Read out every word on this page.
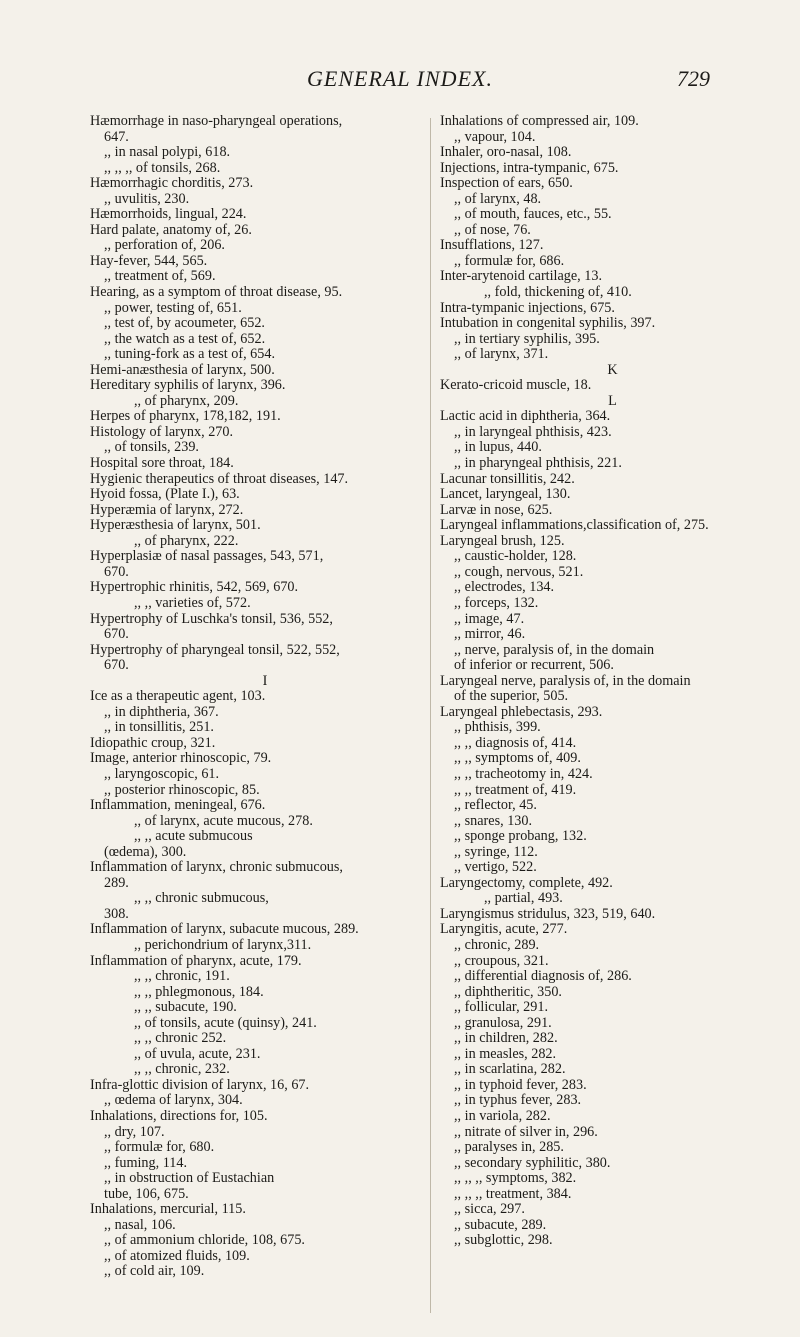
GENERAL INDEX.	729
Hæmorrhage in naso-pharyngeal operations,
647.
,, in nasal polypi, 618.
,, ,, ,, of tonsils, 268.
Hæmorrhagic chorditis, 273.
,, uvulitis, 230.
Hæmorrhoids, lingual, 224.
Hard palate, anatomy of, 26.
,, perforation of, 206.
Hay-fever, 544, 565.
,, treatment of, 569.
Hearing, as a symptom of throat disease, 95.
,, power, testing of, 651.
,, test of, by acoumeter, 652.
,, the watch as a test of, 652.
,, tuning-fork as a test of, 654.
Hemi-anæsthesia of larynx, 500.
Hereditary syphilis of larynx, 396.
,, of pharynx, 209.
Herpes of pharynx, 178,182, 191.
Histology of larynx, 270.
,, of tonsils, 239.
Hospital sore throat, 184.
Hygienic therapeutics of throat diseases, 147.
Hyoid fossa, (Plate I.), 63.
Hyperæmia of larynx, 272.
Hyperæsthesia of larynx, 501.
,, of pharynx, 222.
Hyperplasiæ of nasal passages, 543, 571,
670.
Hypertrophic rhinitis, 542, 569, 670.
,, ,, varieties of, 572.
Hypertrophy of Luschka's tonsil, 536, 552,
670.
Hypertrophy of pharyngeal tonsil, 522, 552,
670.
I
Ice as a therapeutic agent, 103.
,, in diphtheria, 367.
,, in tonsillitis, 251.
Idiopathic croup, 321.
Image, anterior rhinoscopic, 79.
,, laryngoscopic, 61.
,, posterior rhinoscopic, 85.
Inflammation, meningeal, 676.
,, of larynx, acute mucous, 278.
,, ,, acute submucous
(œdema), 300.
Inflammation of larynx, chronic submucous,
289.
,, ,, chronic submucous,
308.
Inflammation of larynx, subacute mucous, 289.
,, perichondrium of larynx,311.
Inflammation of pharynx, acute, 179.
,, ,, chronic, 191.
,, ,, phlegmonous, 184.
,, ,, subacute, 190.
,, of tonsils, acute (quinsy), 241.
,, ,, chronic 252.
,, of uvula, acute, 231.
,, ,, chronic, 232.
Infra-glottic division of larynx, 16, 67.
,, œdema of larynx, 304.
Inhalations, directions for, 105.
,, dry, 107.
,, formulæ for, 680.
,, fuming, 114.
,, in obstruction of Eustachian
tube, 106, 675.
Inhalations, mercurial, 115.
,, nasal, 106.
,, of ammonium chloride, 108, 675.
,, of atomized fluids, 109.
,, of cold air, 109.
Inhalations of compressed air, 109.
,, vapour, 104.
Inhaler, oro-nasal, 108.
Injections, intra-tympanic, 675.
Inspection of ears, 650.
,, of larynx, 48.
,, of mouth, fauces, etc., 55.
,, of nose, 76.
Insufflations, 127.
,, formulæ for, 686.
Inter-arytenoid cartilage, 13.
,, fold, thickening of, 410.
Intra-tympanic injections, 675.
Intubation in congenital syphilis, 397.
,, in tertiary syphilis, 395.
,, of larynx, 371.
K
Kerato-cricoid muscle, 18.
L
Lactic acid in diphtheria, 364.
,, in laryngeal phthisis, 423.
,, in lupus, 440.
,, in pharyngeal phthisis, 221.
Lacunar tonsillitis, 242.
Lancet, laryngeal, 130.
Larvæ in nose, 625.
Laryngeal inflammations,classification of, 275.
Laryngeal brush, 125.
,, caustic-holder, 128.
,, cough, nervous, 521.
,, electrodes, 134.
,, forceps, 132.
,, image, 47.
,, mirror, 46.
,, nerve, paralysis of, in the domain
of inferior or recurrent, 506.
Laryngeal nerve, paralysis of, in the domain
of the superior, 505.
Laryngeal phlebectasis, 293.
,, phthisis, 399.
,, ,, diagnosis of, 414.
,, ,, symptoms of, 409.
,, ,, tracheotomy in, 424.
,, ,, treatment of, 419.
,, reflector, 45.
,, snares, 130.
,, sponge probang, 132.
,, syringe, 112.
,, vertigo, 522.
Laryngectomy, complete, 492.
,, partial, 493.
Laryngismus stridulus, 323, 519, 640.
Laryngitis, acute, 277.
,, chronic, 289.
,, croupous, 321.
,, differential diagnosis of, 286.
,, diphtheritic, 350.
,, follicular, 291.
,, granulosa, 291.
,, in children, 282.
,, in measles, 282.
,, in scarlatina, 282.
,, in typhoid fever, 283.
,, in typhus fever, 283.
,, in variola, 282.
,, nitrate of silver in, 296.
,, paralyses in, 285.
,, secondary syphilitic, 380.
,, ,, ,, symptoms, 382.
,, ,, ,, treatment, 384.
,, sicca, 297.
,, subacute, 289.
,, subglottic, 298.
